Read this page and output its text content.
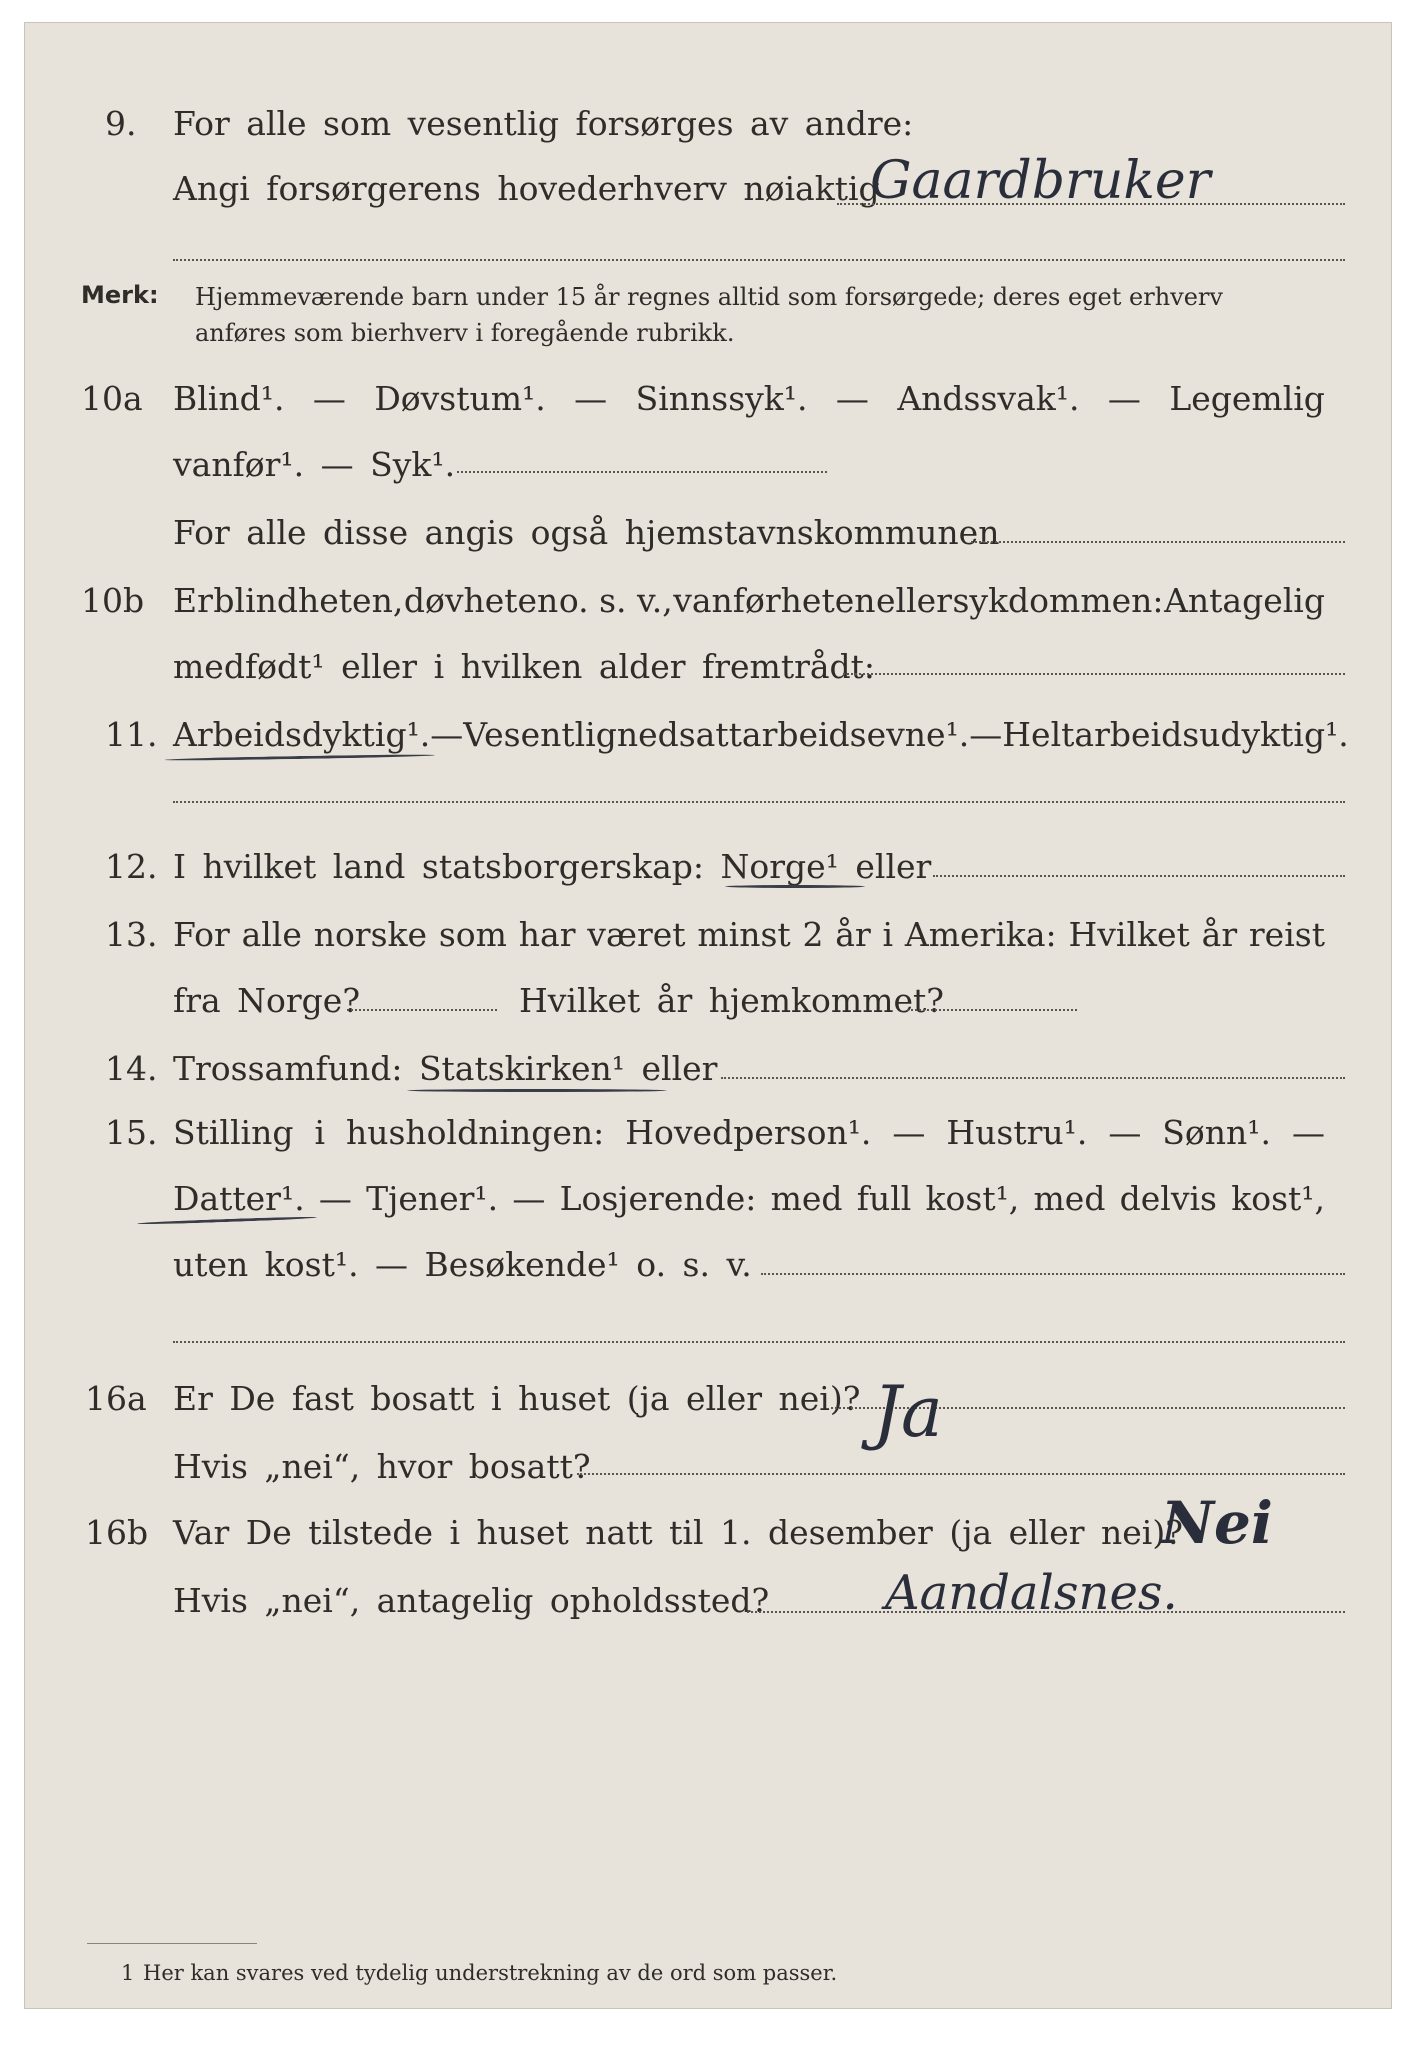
9. For alle som vesentlig forsørges av andre:
Angi forsørgerens hovederhverv nøiaktig
Gaardbruker
Merk: Hjemmeværende barn under 15 år regnes alltid som forsørgede; deres eget erhverv
anføres som bierhverv i foregående rubrikk.
10a Blind¹. — Døvstum¹. — Sinnssyk¹. — Andssvak¹. — Legemlig
vanfør¹. — Syk¹.
For alle disse angis også hjemstavnskommunen
10b Er blindheten, døvheten o. s. v., vanførheten eller sykdommen: Antagelig
medfødt¹ eller i hvilken alder fremtrådt:
11. Arbeidsdyktig¹. — Vesentlig nedsatt arbeidsevne¹. — Helt arbeidsudyktig¹.
12. I hvilket land statsborgerskap: Norge¹ eller
13. For alle norske som har været minst 2 år i Amerika: Hvilket år reist
fra Norge?	Hvilket år hjemkommet?
14. Trossamfund: Statskirken¹ eller
15. Stilling i husholdningen: Hovedperson¹. — Hustru¹. — Sønn¹. —
Datter¹. — Tjener¹. — Losjerende: med full kost¹, med delvis kost¹,
uten kost¹. — Besøkende¹ o. s. v.
16a Er De fast bosatt i huset (ja eller nei)? Ja
Hvis „nei“, hvor bosatt?
16b Var De tilstede i huset natt til 1. desember (ja eller nei)?
Nei
Hvis „nei“, antagelig opholdssted? Aandalsnes.
1 Her kan svares ved tydelig understrekning av de ord som passer.
